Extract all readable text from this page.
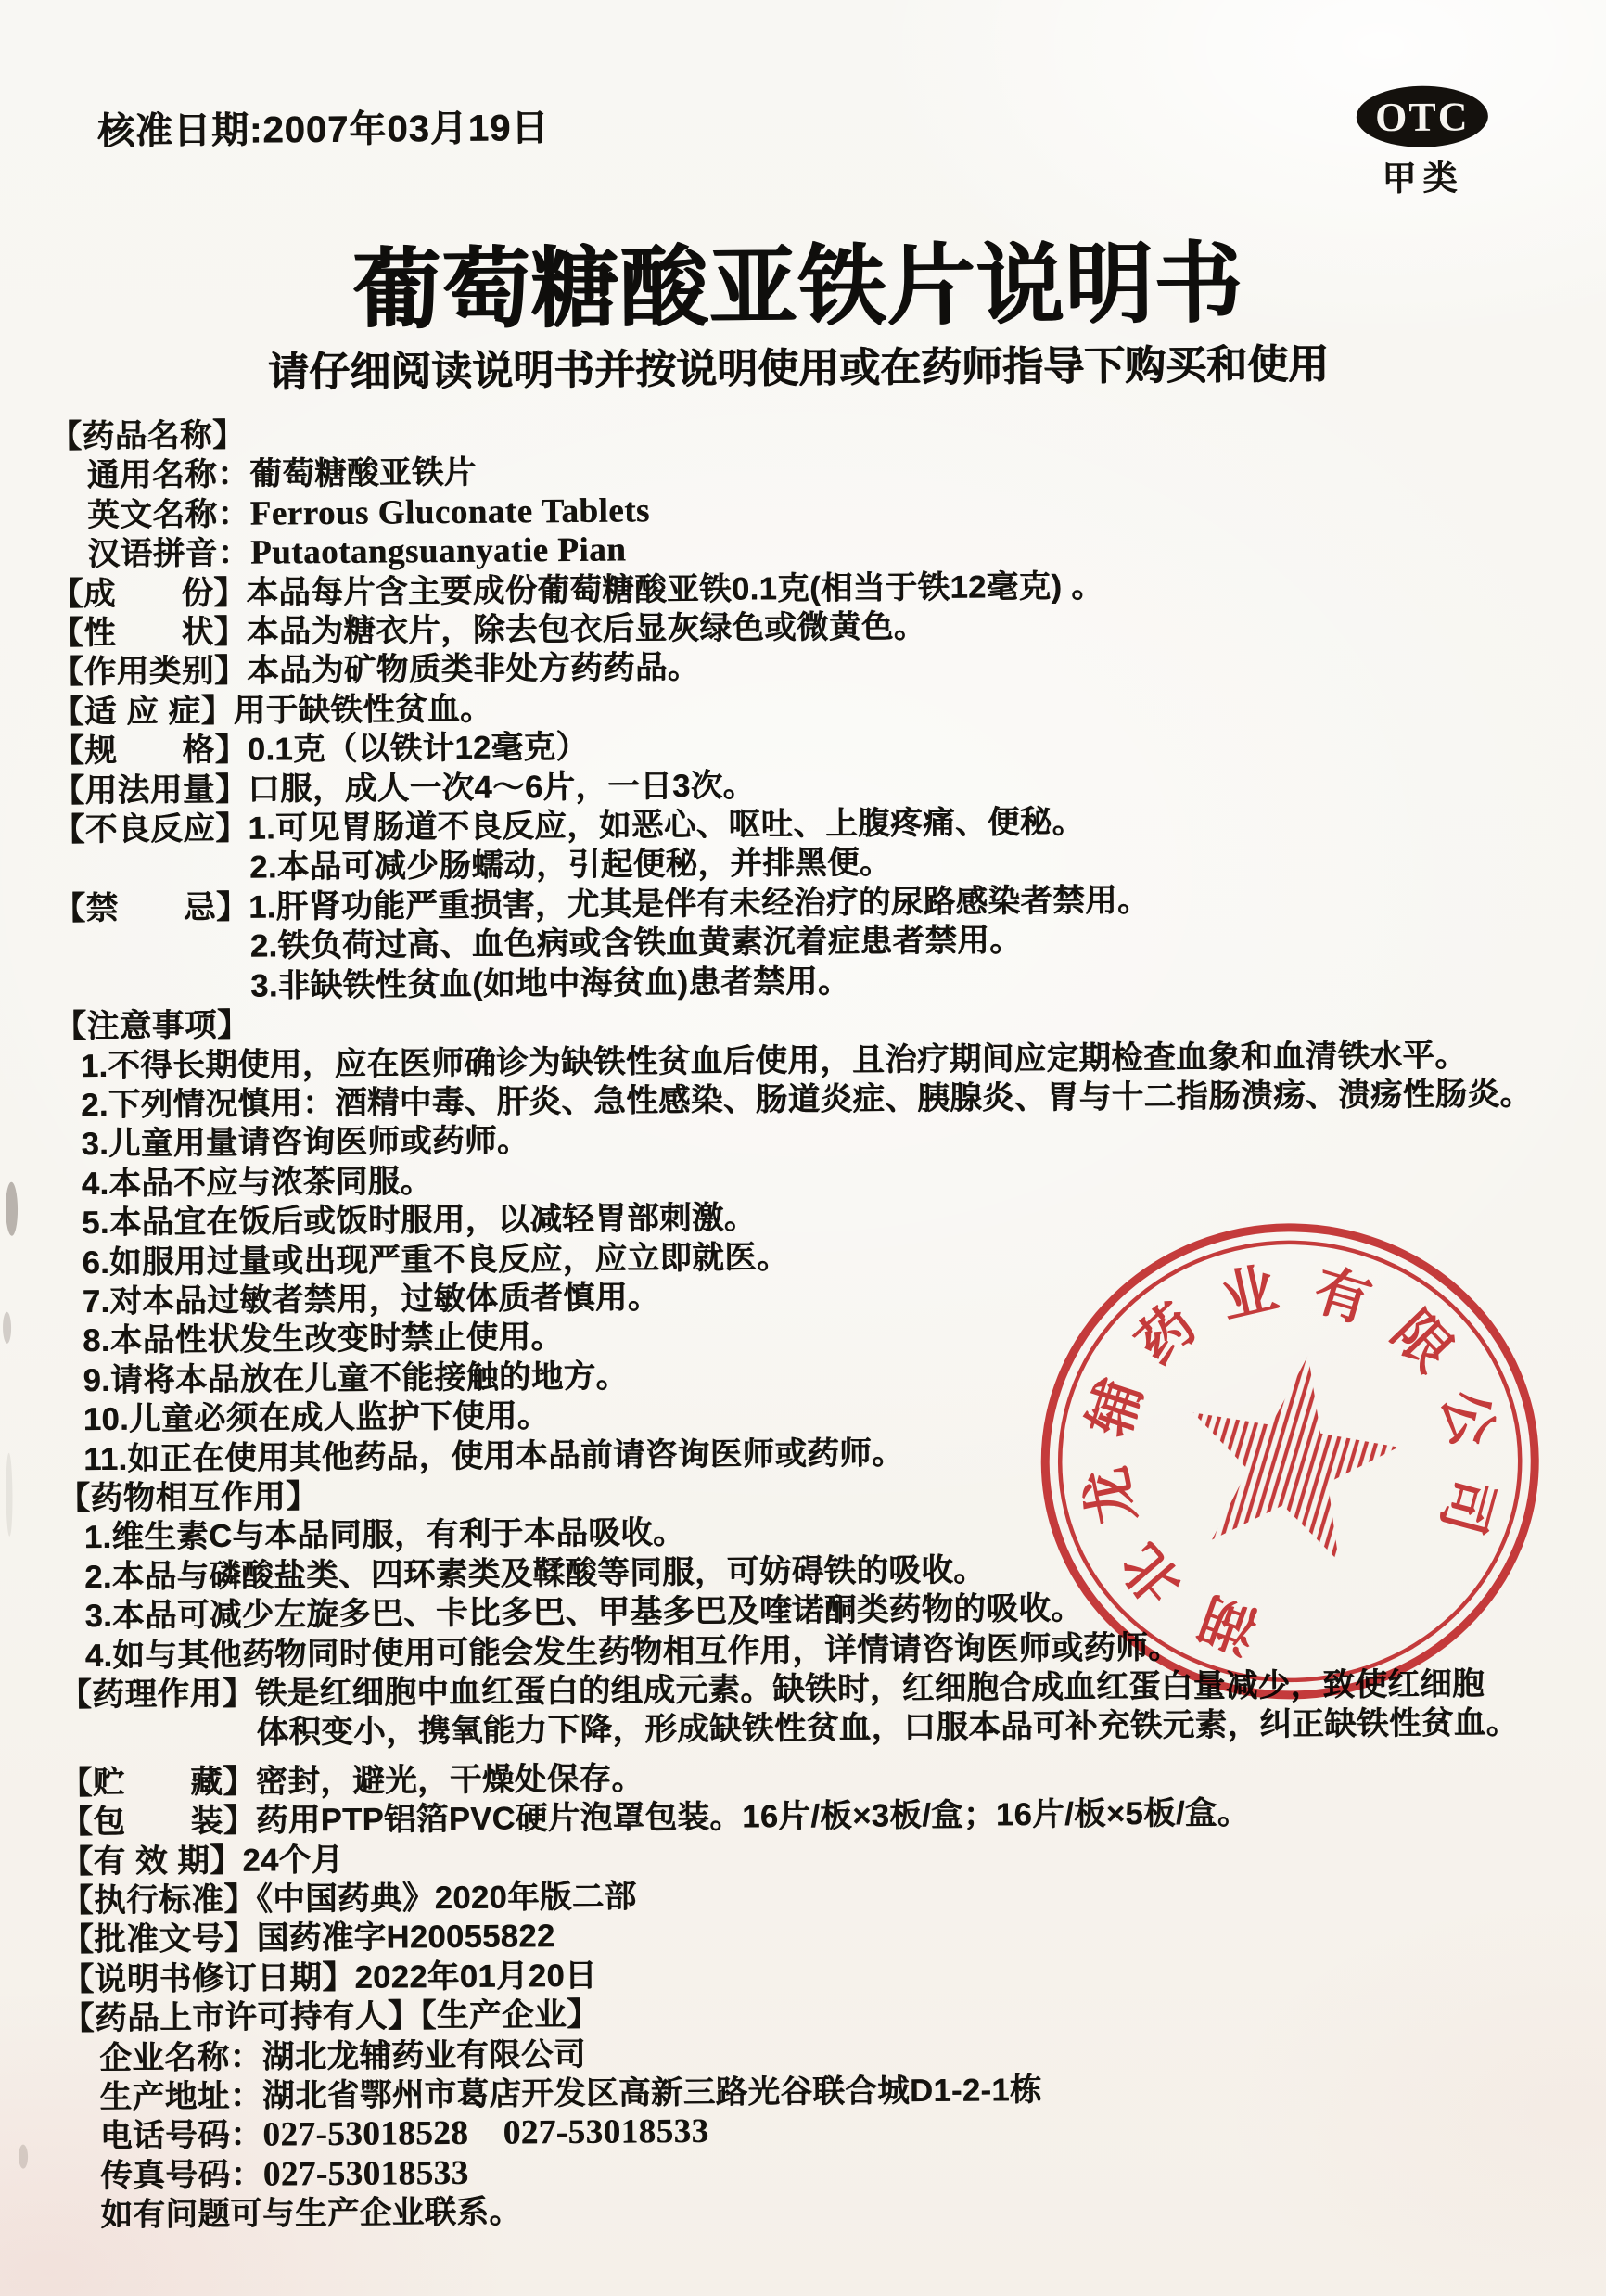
核准日期:2007年03月19日	OTC
甲类
葡萄糖酸亚铁片说明书
请仔细阅读说明书并按说明使用或在药师指导下购买和使用
【药品名称】
通用名称：葡萄糖酸亚铁片
英文名称：Ferrous Gluconate Tablets
汉语拼音：Putaotangsuanyatie Pian
【成　　份】本品每片含主要成份葡萄糖酸亚铁0.1克(相当于铁12毫克) 。
【性　　状】本品为糖衣片，除去包衣后显灰绿色或微黄色。
【作用类别】本品为矿物质类非处方药药品。
【适 应 症】用于缺铁性贫血。
【规　　格】0.1克（以铁计12毫克）
【用法用量】口服，成人一次4～6片，一日3次。
【不良反应】1.可见胃肠道不良反应，如恶心、呕吐、上腹疼痛、便秘。
2.本品可减少肠蠕动，引起便秘，并排黑便。
【禁　　忌】1.肝肾功能严重损害，尤其是伴有未经治疗的尿路感染者禁用。
2.铁负荷过高、血色病或含铁血黄素沉着症患者禁用。
3.非缺铁性贫血(如地中海贫血)患者禁用。
【注意事项】
1.不得长期使用，应在医师确诊为缺铁性贫血后使用，且治疗期间应定期检查血象和血清铁水平。
2.下列情况慎用：酒精中毒、肝炎、急性感染、肠道炎症、胰腺炎、胃与十二指肠溃疡、溃疡性肠炎。
3.儿童用量请咨询医师或药师。
4.本品不应与浓茶同服。
5.本品宜在饭后或饭时服用，以减轻胃部刺激。
6.如服用过量或出现严重不良反应，应立即就医。
7.对本品过敏者禁用，过敏体质者慎用。
8.本品性状发生改变时禁止使用。
9.请将本品放在儿童不能接触的地方。
10.儿童必须在成人监护下使用。
11.如正在使用其他药品，使用本品前请咨询医师或药师。
【药物相互作用】
1.维生素C与本品同服，有利于本品吸收。
2.本品与磷酸盐类、四环素类及鞣酸等同服，可妨碍铁的吸收。
3.本品可减少左旋多巴、卡比多巴、甲基多巴及喹诺酮类药物的吸收。
4.如与其他药物同时使用可能会发生药物相互作用，详情请咨询医师或药师。
【药理作用】铁是红细胞中血红蛋白的组成元素。缺铁时，红细胞合成血红蛋白量减少，致使红细胞
体积变小，携氧能力下降，形成缺铁性贫血，口服本品可补充铁元素，纠正缺铁性贫血。
【贮　　藏】密封，避光，干燥处保存。
【包　　装】药用PTP铝箔PVC硬片泡罩包装。16片/板×3板/盒；16片/板×5板/盒。
【有 效 期】24个月
【执行标准】《中国药典》2020年版二部
【批准文号】国药准字H20055822
【说明书修订日期】2022年01月20日
【药品上市许可持有人】【生产企业】
企业名称：湖北龙辅药业有限公司
生产地址：湖北省鄂州市葛店开发区高新三路光谷联合城D1-2-1栋
电话号码：027-53018528　027-53018533
传真号码：027-53018533
如有问题可与生产企业联系。
湖
北
龙
辅
药 业 有
限
公
司
